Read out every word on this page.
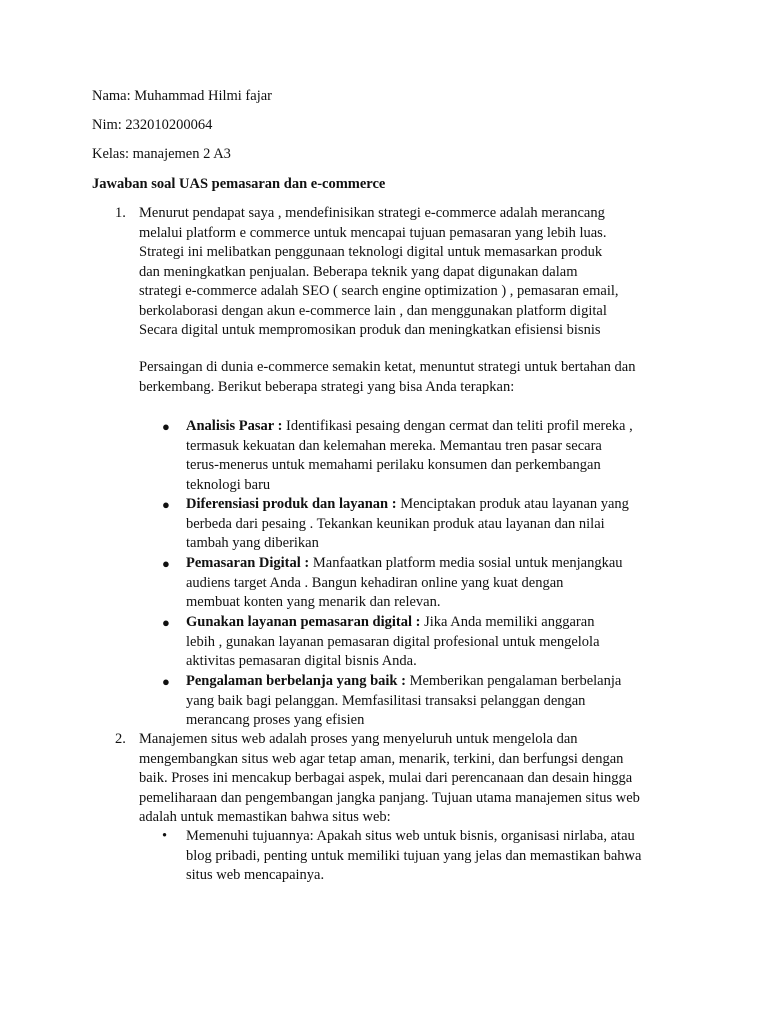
Nama: Muhammad Hilmi fajar

Nim: 232010200064

Kelas: manajemen 2 A3

Jawaban soal UAS pemasaran dan e-commerce

1. Menurut pendapat saya , mendefinisikan strategi e-commerce adalah merancang
melalui platform e commerce untuk mencapai tujuan pemasaran yang lebih luas.
Strategi ini melibatkan penggunaan teknologi digital untuk memasarkan produk
dan meningkatkan penjualan. Beberapa teknik yang dapat digunakan dalam
strategi e-commerce adalah SEO ( search engine optimization ) , pemasaran email,
berkolaborasi dengan akun e-commerce lain , dan menggunakan platform digital
Secara digital untuk mempromosikan produk dan meningkatkan efisiensi bisnis

Persaingan di dunia e-commerce semakin ketat, menuntut strategi untuk bertahan dan
berkembang. Berikut beberapa strategi yang bisa Anda terapkan:

● Analisis Pasar : Identifikasi pesaing dengan cermat dan teliti profil mereka ,
termasuk kekuatan dan kelemahan mereka. Memantau tren pasar secara
terus-menerus untuk memahami perilaku konsumen dan perkembangan
teknologi baru

● Diferensiasi produk dan layanan : Menciptakan produk atau layanan yang
berbeda dari pesaing . Tekankan keunikan produk atau layanan dan nilai
tambah yang diberikan

● Pemasaran Digital : Manfaatkan platform media sosial untuk menjangkau
audiens target Anda . Bangun kehadiran online yang kuat dengan
membuat konten yang menarik dan relevan.

● Gunakan layanan pemasaran digital : Jika Anda memiliki anggaran
lebih , gunakan layanan pemasaran digital profesional untuk mengelola
aktivitas pemasaran digital bisnis Anda.

● Pengalaman berbelanja yang baik : Memberikan pengalaman berbelanja
yang baik bagi pelanggan. Memfasilitasi transaksi pelanggan dengan
merancang proses yang efisien

2. Manajemen situs web adalah proses yang menyeluruh untuk mengelola dan
mengembangkan situs web agar tetap aman, menarik, terkini, dan berfungsi dengan
baik. Proses ini mencakup berbagai aspek, mulai dari perencanaan dan desain hingga
pemeliharaan dan pengembangan jangka panjang. Tujuan utama manajemen situs web
adalah untuk memastikan bahwa situs web:

• Memenuhi tujuannya: Apakah situs web untuk bisnis, organisasi nirlaba, atau
blog pribadi, penting untuk memiliki tujuan yang jelas dan memastikan bahwa
situs web mencapainya.
